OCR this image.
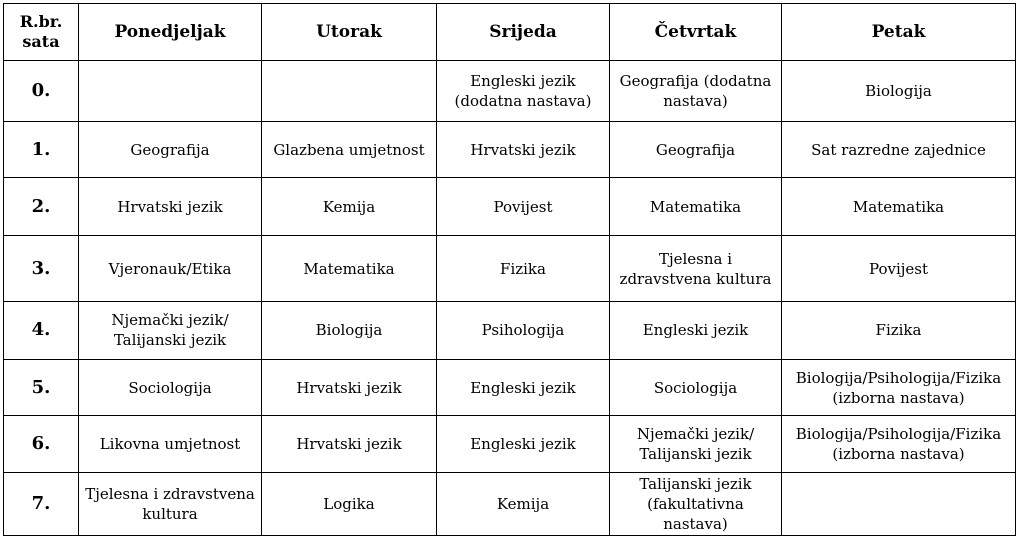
R.br.
sata	Ponedjeljak	Utorak	Srijeda	Četvrtak	Petak
0.			Engleski jezik (dodatna nastava)	Geografija (dodatna nastava)	Biologija
1.	Geografija	Glazbena umjetnost	Hrvatski jezik	Geografija	Sat razredne zajednice
2.	Hrvatski jezik	Kemija	Povijest	Matematika	Matematika
3.	Vjeronauk/Etika	Matematika	Fizika	Tjelesna i zdravstvena kultura	Povijest
4.	Njemački jezik/ Talijanski jezik	Biologija	Psihologija	Engleski jezik	Fizika
5.	Sociologija	Hrvatski jezik	Engleski jezik	Sociologija	Biologija/Psihologija/Fizika (izborna nastava)
6.	Likovna umjetnost	Hrvatski jezik	Engleski jezik	Njemački jezik/ Talijanski jezik	Biologija/Psihologija/Fizika (izborna nastava)
7.	Tjelesna i zdravstvena kultura	Logika	Kemija	Talijanski jezik (fakultativna nastava)	
